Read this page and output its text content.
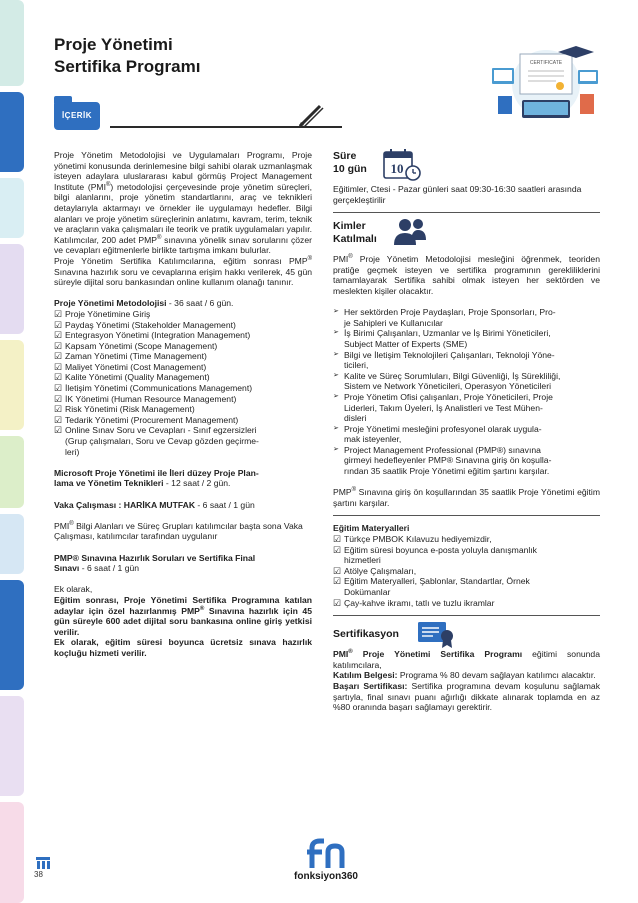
Proje Yönetimi
Sertifika Programı	CERTIFICATE
İÇERİK

Proje Yönetim Metodolojisi ve Uygulamaları Programı, Proje yönetimi konusunda derinlemesine bilgi sahibi olarak uzmanlaşmak isteyen adaylara uluslararası kabul görmüş Project Management Institute (PMI®) metodolojisi çerçevesinde proje yönetim süreçleri, bilgi alanlarını, proje yönetim standartlarını, araç ve teknikleri detaylarıyla aktarmayı ve örnekler ile uygulamayı hedefler. Bilgi alanları ve proje yönetim süreçlerinin anlatımı, kavram, terim, teknik ve araçların vaka çalışmaları ile teorik ve pratik uygulamaları yapılır. Katılımcılar, 200 adet PMP® sınavına yönelik sınav sorularını çözer ve cevapları eğitmenlerle birlikte tartışma imkanı bulurlar.

Proje Yönetim Sertifika Katılımcılarına, eğitim sonrası PMP® Sınavına hazırlık soru ve cevaplarına erişim hakkı verilerek, 45 gün süreyle dijital soru bankasından online kullanım olanağı tanınır.

Proje Yönetimi Metodolojisi - 36 saat / 6 gün.

☑ Proje Yönetimine Giriş
☑ Paydaş Yönetimi (Stakeholder Management)
☑ Entegrasyon Yönetimi (Integration Management)
☑ Kapsam Yönetimi (Scope Management)
☑ Zaman Yönetimi (Time Management)
☑ Maliyet Yönetimi (Cost Management)
☑ Kalite Yönetimi (Quality Management)
☑ İletişim Yönetimi (Communications Management)
☑ İK Yönetimi (Human Resource Management)
☑ Risk Yönetimi (Risk Management)
☑ Tedarik Yönetimi (Procurement Management)
☑ Online Sınav Soru ve Cevapları - Sınıf egzersizleri
(Grup çalışmaları, Soru ve Cevap gözden geçirme-
leri)

Microsoft Proje Yönetimi ile İleri düzey Proje Plan-

lama ve Yönetim Teknikleri - 12 saat / 2 gün.

Vaka Çalışması : HARİKA MUTFAK - 6 saat / 1 gün

PMI® Bilgi Alanları ve Süreç Grupları katılımcılar başta sona Vaka Çalışması, katılımcılar tarafından uygulanır

PMP® Sınavına Hazırlık Soruları ve Sertifika Final

Sınavı - 6 saat / 1 gün

Ek olarak,

Eğitim sonrası, Proje Yönetimi Sertifika Programına katılan adaylar için özel hazırlanmış PMP® Sınavına hazırlık için 45 gün süreyle 600 adet dijital soru bankasına online giriş yetkisi verilir.

Ek olarak, eğitim süresi boyunca ücretsiz sınava hazırlık koçluğu hizmeti verilir.

Süre
10 gün	10

Eğitimler, Ctesi - Pazar günleri saat 09:30-16:30 saatleri arasında gerçekleştirilir

Kimler
Katılmalı

PMI® Proje Yönetim Metodolojisi mesleğini öğrenmek, teoriden pratiğe geçmek isteyen ve sertifika programının gerekliliklerini tamamlayarak Sertifika sahibi olmak isteyen her sektörden ve meslekten kişiler olacaktır.

➢ Her sektörden Proje Paydaşları, Proje Sponsorları, Pro-
je Sahipleri ve Kullanıcılar
➢ İş Birimi Çalışanları, Uzmanlar ve İş Birimi Yöneticileri,
Subject Matter of Experts (SME)
➢ Bilgi ve İletişim Teknolojileri Çalışanları, Teknoloji Yöne-
ticileri,
➢ Kalite ve Süreç Sorumluları, Bilgi Güvenliği, İş Sürekliliği,
Sistem ve Network Yöneticileri, Operasyon Yöneticileri
➢ Proje Yönetim Ofisi çalışanları, Proje Yöneticileri, Proje
Liderleri, Takım Üyeleri, İş Analistleri ve Test Mühen-
disleri
➢ Proje Yönetimi mesleğini profesyonel olarak uygula-
mak isteyenler,
➢ Project Management Professional (PMP®) sınavına
girmeyi hedefleyenler PMP® Sınavına giriş ön koşulla-
rından 35 saatlik Proje Yönetimi eğitim şartını karşılar.

PMP® Sınavına giriş ön koşullarından 35 saatlik Proje Yönetimi eğitim şartını karşılar.

Eğitim Materyalleri

☑ Türkçe PMBOK Kılavuzu hediyemizdir,
☑ Eğitim süresi boyunca e-posta yoluyla danışmanlık
hizmetleri
☑ Atölye Çalışmaları,
☑ Eğitim Materyalleri, Şablonlar, Standartlar, Örnek
Dokümanlar
☑ Çay-kahve ikramı, tatlı ve tuzlu ikramlar
Sertifikasyon

PMI® Proje Yönetimi Sertifika Programı eğitimi sonunda katılımcılara,

Katılım Belgesi: Programa % 80 devam sağlayan katılımcı alacaktır.

Başarı Sertifikası: Sertifika programına devam koşulunu sağlamak şartıyla, final sınavı puanı ağırlığı dikkate alınarak toplamda en az %80 oranında başarı sağlamayı gerektirir.

38	fonksiyon360
